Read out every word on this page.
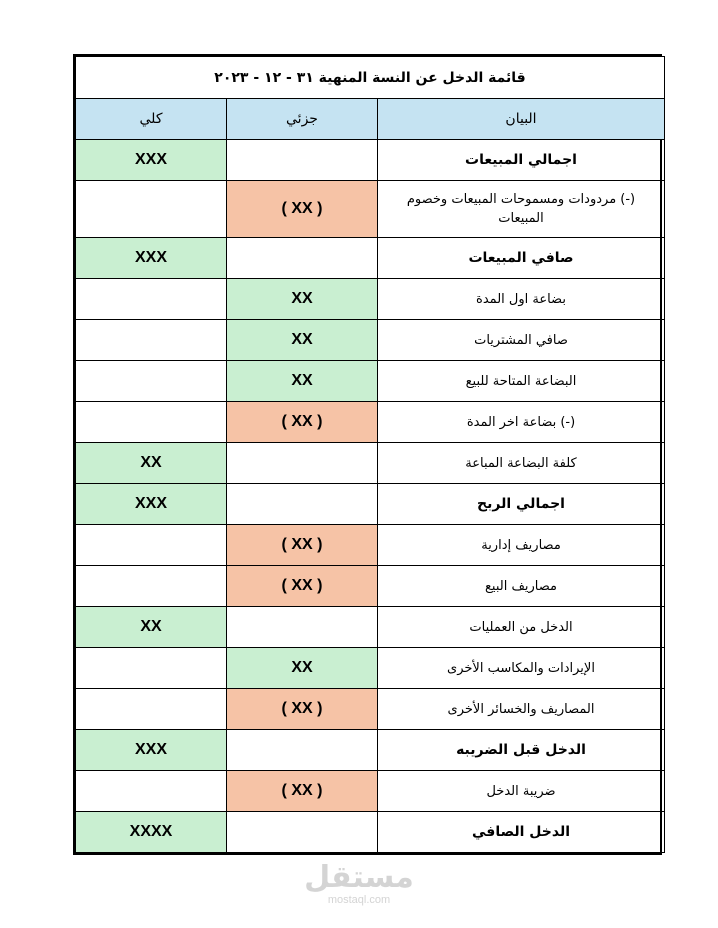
قائمة الدخل عن النسة المنهية ٣١ - ١٢ - ٢٠٢٣		
كلي	جزئي	البيان
XXX		اجمالي المبيعات
	( XX )	(-) مردودات ومسموحات المبيعات وخصوم المبيعات
XXX		صافي المبيعات
	XX	بضاعة اول المدة
	XX	صافي المشتريات
	XX	البضاعة المتاحة للبيع
	( XX )	(-) بضاعة اخر المدة
XX		كلفة البضاعة المباعة
XXX		اجمالي الربح
	( XX )	مصاريف إدارية
	( XX )	مصاريف البيع
XX		الدخل من العمليات
	XX	الإيرادات والمكاسب الأخرى
	( XX )	المصاريف والخسائر الأخرى
XXX		الدخل قبل الضريبه
	( XX )	ضريبة الدخل
XXXX		الدخل الصافي
مستقل
mostaql.com
